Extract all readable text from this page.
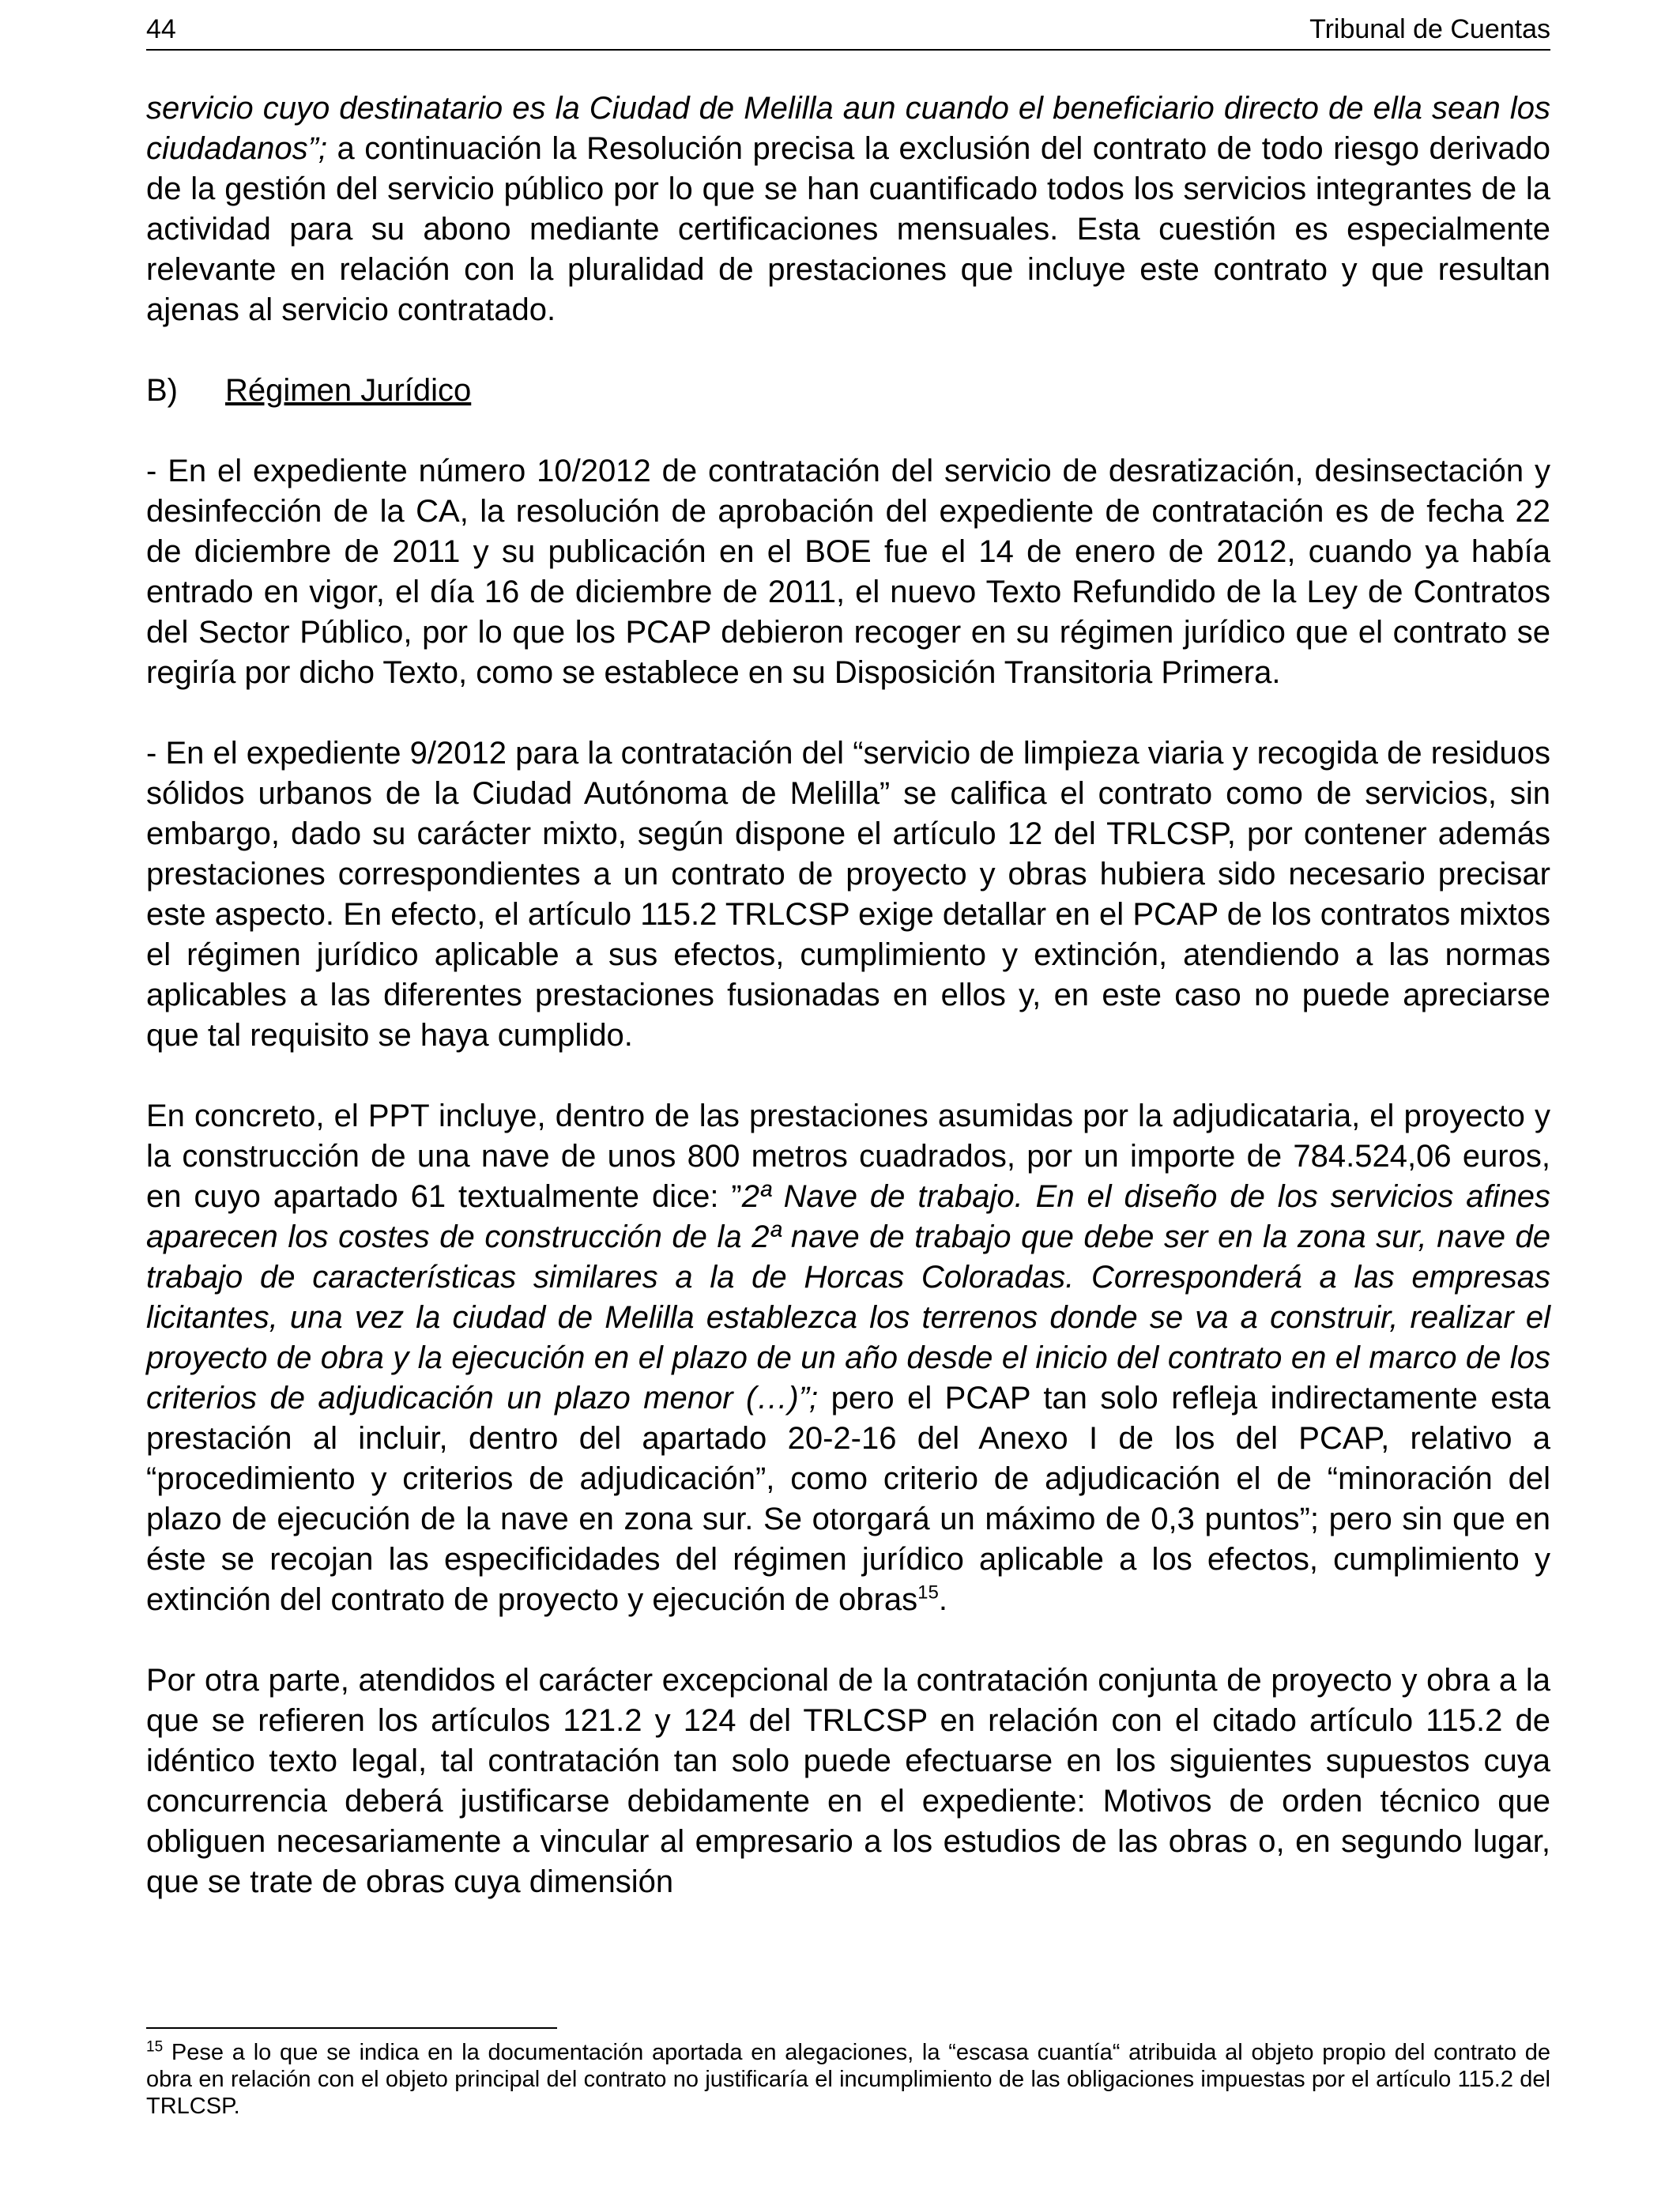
44	Tribunal de Cuentas

servicio cuyo destinatario es la Ciudad de Melilla aun cuando el beneficiario directo de ella sean los ciudadanos”; a continuación la Resolución precisa la exclusión del contrato de todo riesgo derivado de la gestión del servicio público por lo que se han cuantificado todos los servicios integrantes de la actividad para su abono mediante certificaciones mensuales. Esta cuestión es especialmente relevante en relación con la pluralidad de prestaciones que incluye este contrato y que resultan ajenas al servicio contratado.

B) Régimen Jurídico

- En el expediente número 10/2012 de contratación del servicio de desratización, desinsectación y desinfección de la CA, la resolución de aprobación del expediente de contratación es de fecha 22 de diciembre de 2011 y su publicación en el BOE fue el 14 de enero de 2012, cuando ya había entrado en vigor, el día 16 de diciembre de 2011, el nuevo Texto Refundido de la Ley de Contratos del Sector Público, por lo que los PCAP debieron recoger en su régimen jurídico que el contrato se regiría por dicho Texto, como se establece en su Disposición Transitoria Primera.

- En el expediente 9/2012 para la contratación del “servicio de limpieza viaria y recogida de residuos sólidos urbanos de la Ciudad Autónoma de Melilla” se califica el contrato como de servicios, sin embargo, dado su carácter mixto, según dispone el artículo 12 del TRLCSP, por contener además prestaciones correspondientes a un contrato de proyecto y obras hubiera sido necesario precisar este aspecto. En efecto, el artículo 115.2 TRLCSP exige detallar en el PCAP de los contratos mixtos el régimen jurídico aplicable a sus efectos, cumplimiento y extinción, atendiendo a las normas aplicables a las diferentes prestaciones fusionadas en ellos y, en este caso no puede apreciarse que tal requisito se haya cumplido.

En concreto, el PPT incluye, dentro de las prestaciones asumidas por la adjudicataria, el proyecto y la construcción de una nave de unos 800 metros cuadrados, por un importe de 784.524,06 euros, en cuyo apartado 61 textualmente dice: ”2ª Nave de trabajo. En el diseño de los servicios afines aparecen los costes de construcción de la 2ª nave de trabajo que debe ser en la zona sur, nave de trabajo de características similares a la de Horcas Coloradas. Corresponderá a las empresas licitantes, una vez la ciudad de Melilla establezca los terrenos donde se va a construir, realizar el proyecto de obra y la ejecución en el plazo de un año desde el inicio del contrato en el marco de los criterios de adjudicación un plazo menor (…)”; pero el PCAP tan solo refleja indirectamente esta prestación al incluir, dentro del apartado 20-2-16 del Anexo I de los del PCAP, relativo a “procedimiento y criterios de adjudicación”, como criterio de adjudicación el de “minoración del plazo de ejecución de la nave en zona sur. Se otorgará un máximo de 0,3 puntos”; pero sin que en éste se recojan las especificidades del régimen jurídico aplicable a los efectos, cumplimiento y extinción del contrato de proyecto y ejecución de obras$^{15}$.

Por otra parte, atendidos el carácter excepcional de la contratación conjunta de proyecto y obra a la que se refieren los artículos 121.2 y 124 del TRLCSP en relación con el citado artículo 115.2 de idéntico texto legal, tal contratación tan solo puede efectuarse en los siguientes supuestos cuya concurrencia deberá justificarse debidamente en el expediente: Motivos de orden técnico que obliguen necesariamente a vincular al empresario a los estudios de las obras o, en segundo lugar, que se trate de obras cuya dimensión

$^{15}$ Pese a lo que se indica en la documentación aportada en alegaciones, la “escasa cuantía“ atribuida al objeto propio del contrato de obra en relación con el objeto principal del contrato no justificaría el incumplimiento de las obligaciones impuestas por el artículo 115.2 del TRLCSP.
